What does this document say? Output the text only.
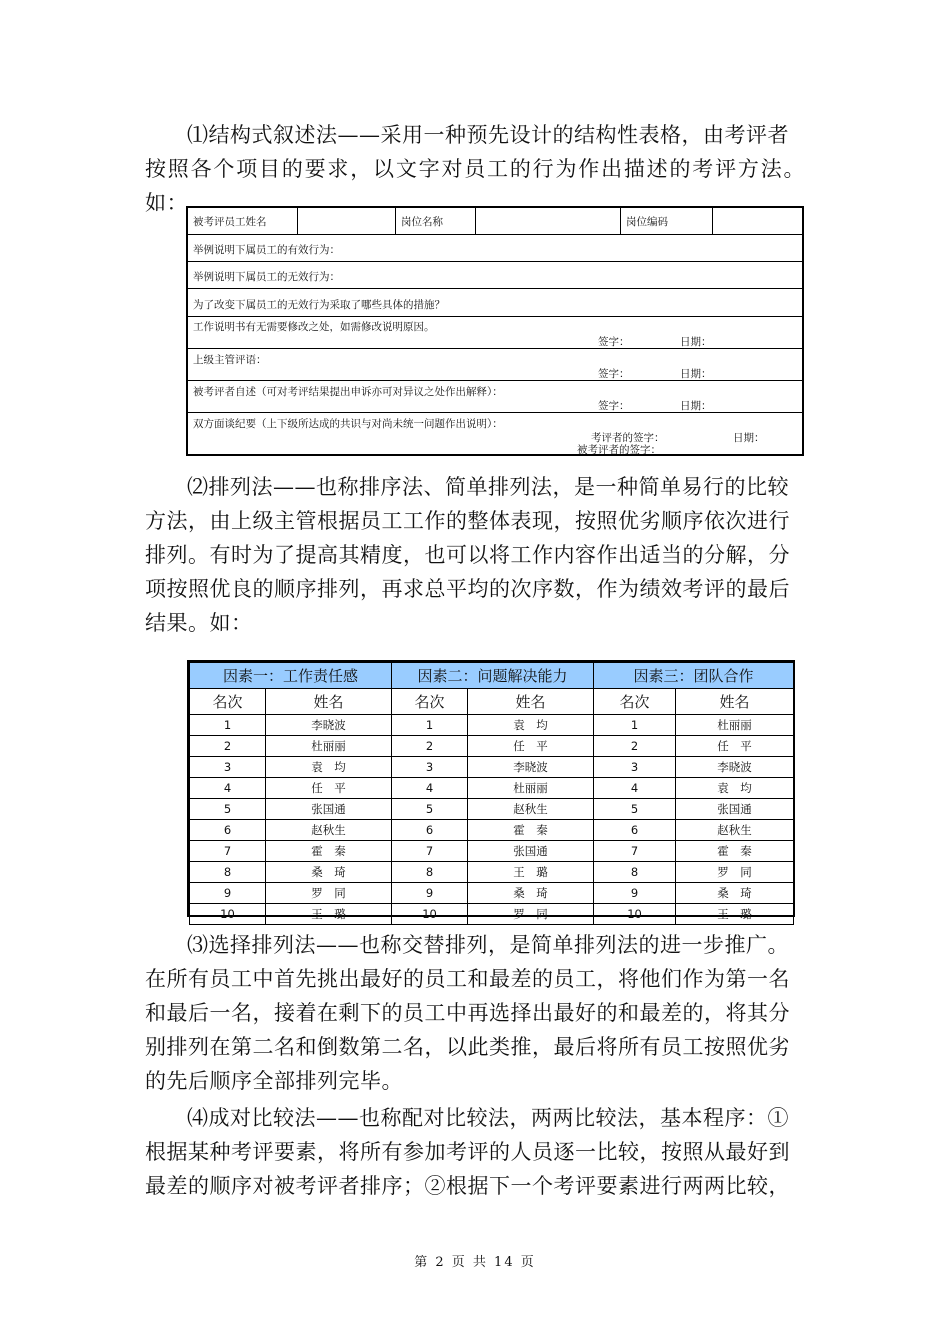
⑴结构式叙述法——采用一种预先设计的结构性表格，由考评者
按照各个项目的要求，以文字对员工的行为作出描述的考评方法。如：
被考评员工姓名	岗位名称	岗位编码
举例说明下属员工的有效行为：
举例说明下属员工的无效行为：
为了改变下属员工的无效行为采取了哪些具体的措施？
工作说明书有无需要修改之处，如需修改说明原因。
签字：	日期：
上级主管评语：
签字：	日期：
被考评者自述（可对考评结果提出申诉亦可对异议之处作出解释）：
签字：	日期：
双方面谈纪要（上下级所达成的共识与对尚未统一问题作出说明）：
考评者的签字：	日期：
被考评者的签字：
⑵排列法——也称排序法、简单排列法，是一种简单易行的比较
方法，由上级主管根据员工工作的整体表现，按照优劣顺序依次进行
排列。有时为了提高其精度，也可以将工作内容作出适当的分解，分
项按照优良的顺序排列，再求总平均的次序数，作为绩效考评的最后
结果。如：
因素一：工作责任感		因素二：问题解决能力		因素三：团队合作	
名次	姓名	名次	姓名	名次	姓名
1	李晓波	1	袁　均	1	杜丽丽
2	杜丽丽	2	任　平	2	任　平
3	袁　均	3	李晓波	3	李晓波
4	任　平	4	杜丽丽	4	袁　均
5	张国通	5	赵秋生	5	张国通
6	赵秋生	6	霍　秦	6	赵秋生
7	霍　秦	7	张国通	7	霍　秦
8	桑　琦	8	王　璐	8	罗　同
9	罗　同	9	桑　琦	9	桑　琦
10	王　璐	10	罗　同	10	王　璐
⑶选择排列法——也称交替排列，是简单排列法的进一步推广。
在所有员工中首先挑出最好的员工和最差的员工，将他们作为第一名
和最后一名，接着在剩下的员工中再选择出最好的和最差的，将其分
别排列在第二名和倒数第二名，以此类推，最后将所有员工按照优劣
的先后顺序全部排列完毕。
⑷成对比较法——也称配对比较法，两两比较法，基本程序：①
根据某种考评要素，将所有参加考评的人员逐一比较，按照从最好到
最差的顺序对被考评者排序；②根据下一个考评要素进行两两比较，
第 2 页 共 14 页
